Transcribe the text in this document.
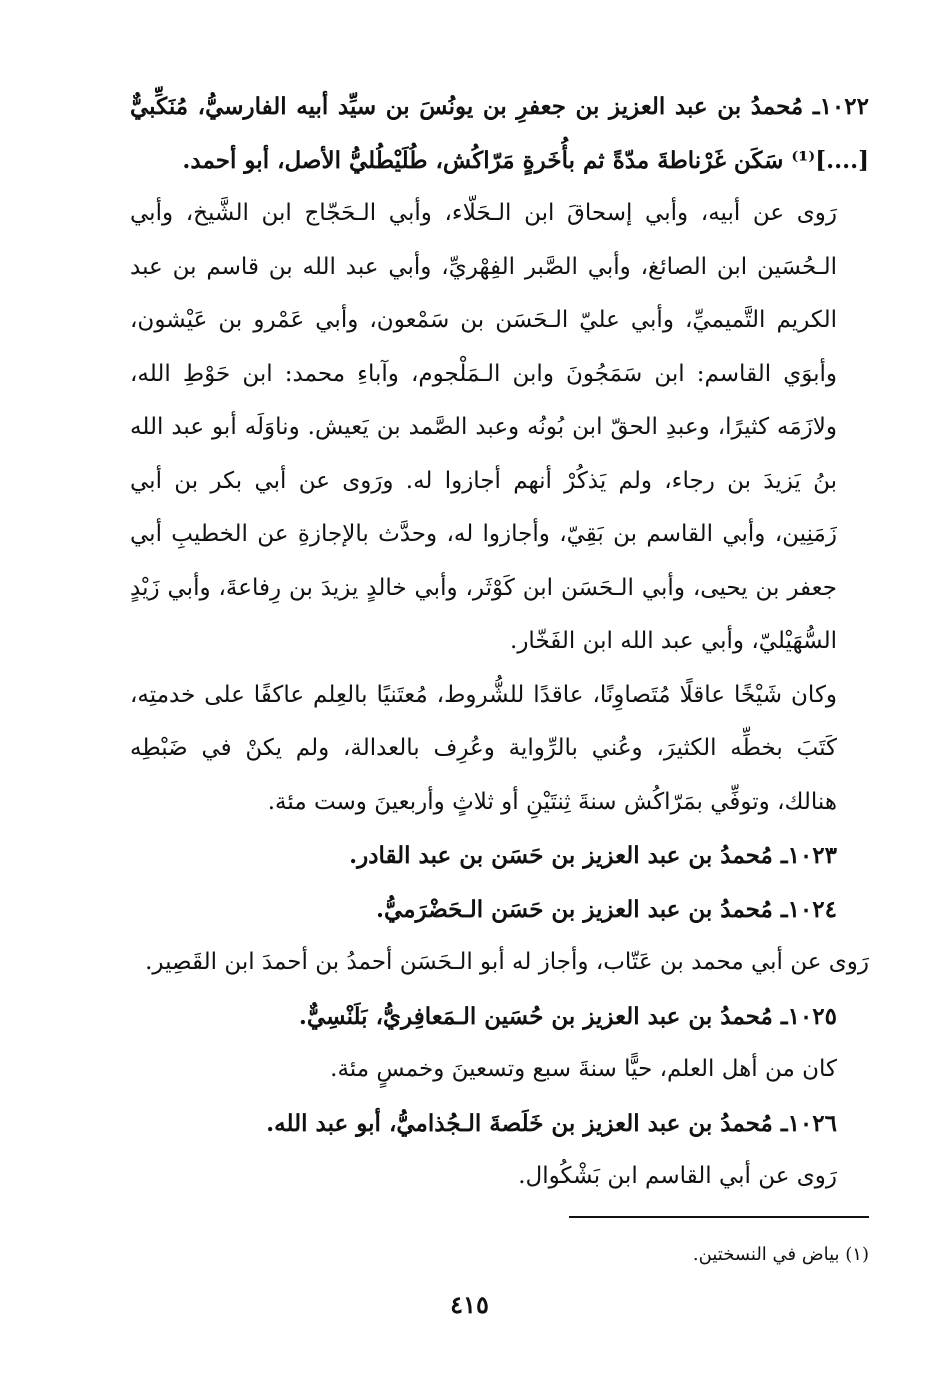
١٠٢٢ـ مُحمدُ بن عبد العزيز بن جعفرِ بن يونُسَ بن سيِّد أبيه الفارسيُّ، مُنَكِّبيٌّ [....]⁽¹⁾ سَكَن غَرْناطةَ مدّةً ثم بأُخَرةٍ مَرّاكُش، طُلَيْطُليُّ الأصل، أبو أحمد.

رَوى عن أبيه، وأبي إسحاقَ ابن الـحَلّاء، وأبي الـحَجّاج ابن الشَّيخ، وأبي الـحُسَين ابن الصائغ، وأبي الصَّبر الفِهْريِّ، وأبي عبد الله بن قاسم بن عبد الكريم التَّميميِّ، وأبي عليّ الـحَسَن بن سَمْعون، وأبي عَمْرو بن عَيْشون، وأبوَي القاسم: ابن سَمَجُونَ وابن الـمَلْجوم، وآباءِ محمد: ابن حَوْطِ الله، ولازَمَه كثيرًا، وعبدِ الحقّ ابن بُونُه وعبد الصَّمد بن يَعيش. وناوَلَه أبو عبد الله بنُ يَزيدَ بن رجاء، ولم يَذكُرْ أنهم أجازوا له. ورَوى عن أبي بكر بن أبي زَمَنِين، وأبي القاسم بن بَقِيّ، وأجازوا له، وحدَّث بالإجازةِ عن الخطيبِ أبي جعفر بن يحيى، وأبي الـحَسَن ابن كَوْثَر، وأبي خالدٍ يزيدَ بن رِفاعةَ، وأبي زَيْدٍ السُّهَيْليّ، وأبي عبد الله ابن الفَخّار.

وكان شَيْخًا عاقلًا مُتَصاوِنًا، عاقدًا للشُّروط، مُعتَنيًا بالعِلم عاكفًا على خدمتِه، كَتَبَ بخطِّه الكثيرَ، وعُني بالرِّواية وعُرِف بالعدالة، ولم يكنْ في ضَبْطِه هنالك، وتوفِّي بمَرّاكُش سنةَ ثِنتَيْنِ أو ثلاثٍ وأربعينَ وست مئة.

١٠٢٣ـ مُحمدُ بن عبد العزيز بن حَسَن بن عبد القادر.

١٠٢٤ـ مُحمدُ بن عبد العزيز بن حَسَن الـحَضْرَميُّ.

رَوى عن أبي محمد بن عَتّاب، وأجاز له أبو الـحَسَن أحمدُ بن أحمدَ ابن القَصِير.

١٠٢٥ـ مُحمدُ بن عبد العزيز بن حُسَين الـمَعافِريُّ، بَلَنْسِيٌّ.

كان من أهل العلم، حيًّا سنةَ سبع وتسعينَ وخمسٍ مئة.

١٠٢٦ـ مُحمدُ بن عبد العزيز بن خَلَصةَ الـجُذاميُّ، أبو عبد الله.

رَوى عن أبي القاسم ابن بَشْكُوال.

(١) بياض في النسختين.
٤١٥
